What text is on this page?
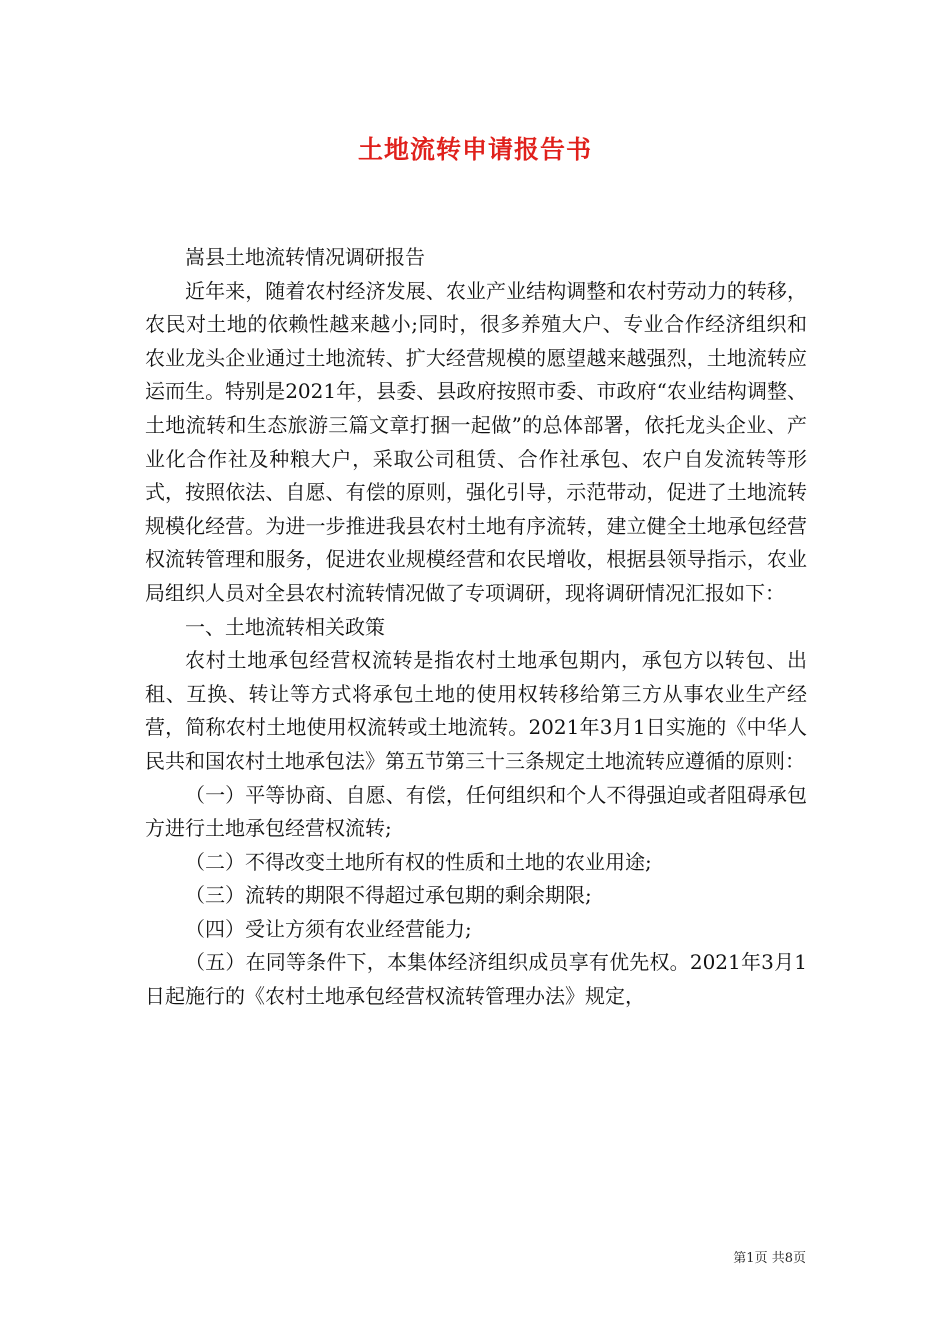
土地流转申请报告书

嵩县土地流转情况调研报告

近年来，随着农村经济发展、农业产业结构调整和农村劳动力的转移，农民对土地的依赖性越来越小;同时，很多养殖大户、专业合作经济组织和农业龙头企业通过土地流转、扩大经营规模的愿望越来越强烈，土地流转应运而生。特别是2021年，县委、县政府按照市委、市政府“农业结构调整、土地流转和生态旅游三篇文章打捆一起做”的总体部署，依托龙头企业、产业化合作社及种粮大户，采取公司租赁、合作社承包、农户自发流转等形式，按照依法、自愿、有偿的原则，强化引导，示范带动，促进了土地流转规模化经营。为进一步推进我县农村土地有序流转，建立健全土地承包经营权流转管理和服务，促进农业规模经营和农民增收，根据县领导指示，农业局组织人员对全县农村流转情况做了专项调研，现将调研情况汇报如下：

一、土地流转相关政策

农村土地承包经营权流转是指农村土地承包期内，承包方以转包、出租、互换、转让等方式将承包土地的使用权转移给第三方从事农业生产经营，简称农村土地使用权流转或土地流转。2021年3月1日实施的《中华人民共和国农村土地承包法》第五节第三十三条规定土地流转应遵循的原则：

（一）平等协商、自愿、有偿，任何组织和个人不得强迫或者阻碍承包方进行土地承包经营权流转;

（二）不得改变土地所有权的性质和土地的农业用途;

（三）流转的期限不得超过承包期的剩余期限;

（四）受让方须有农业经营能力;

（五）在同等条件下，本集体经济组织成员享有优先权。2021年3月1日起施行的《农村土地承包经营权流转管理办法》规定，

第1页 共8页
